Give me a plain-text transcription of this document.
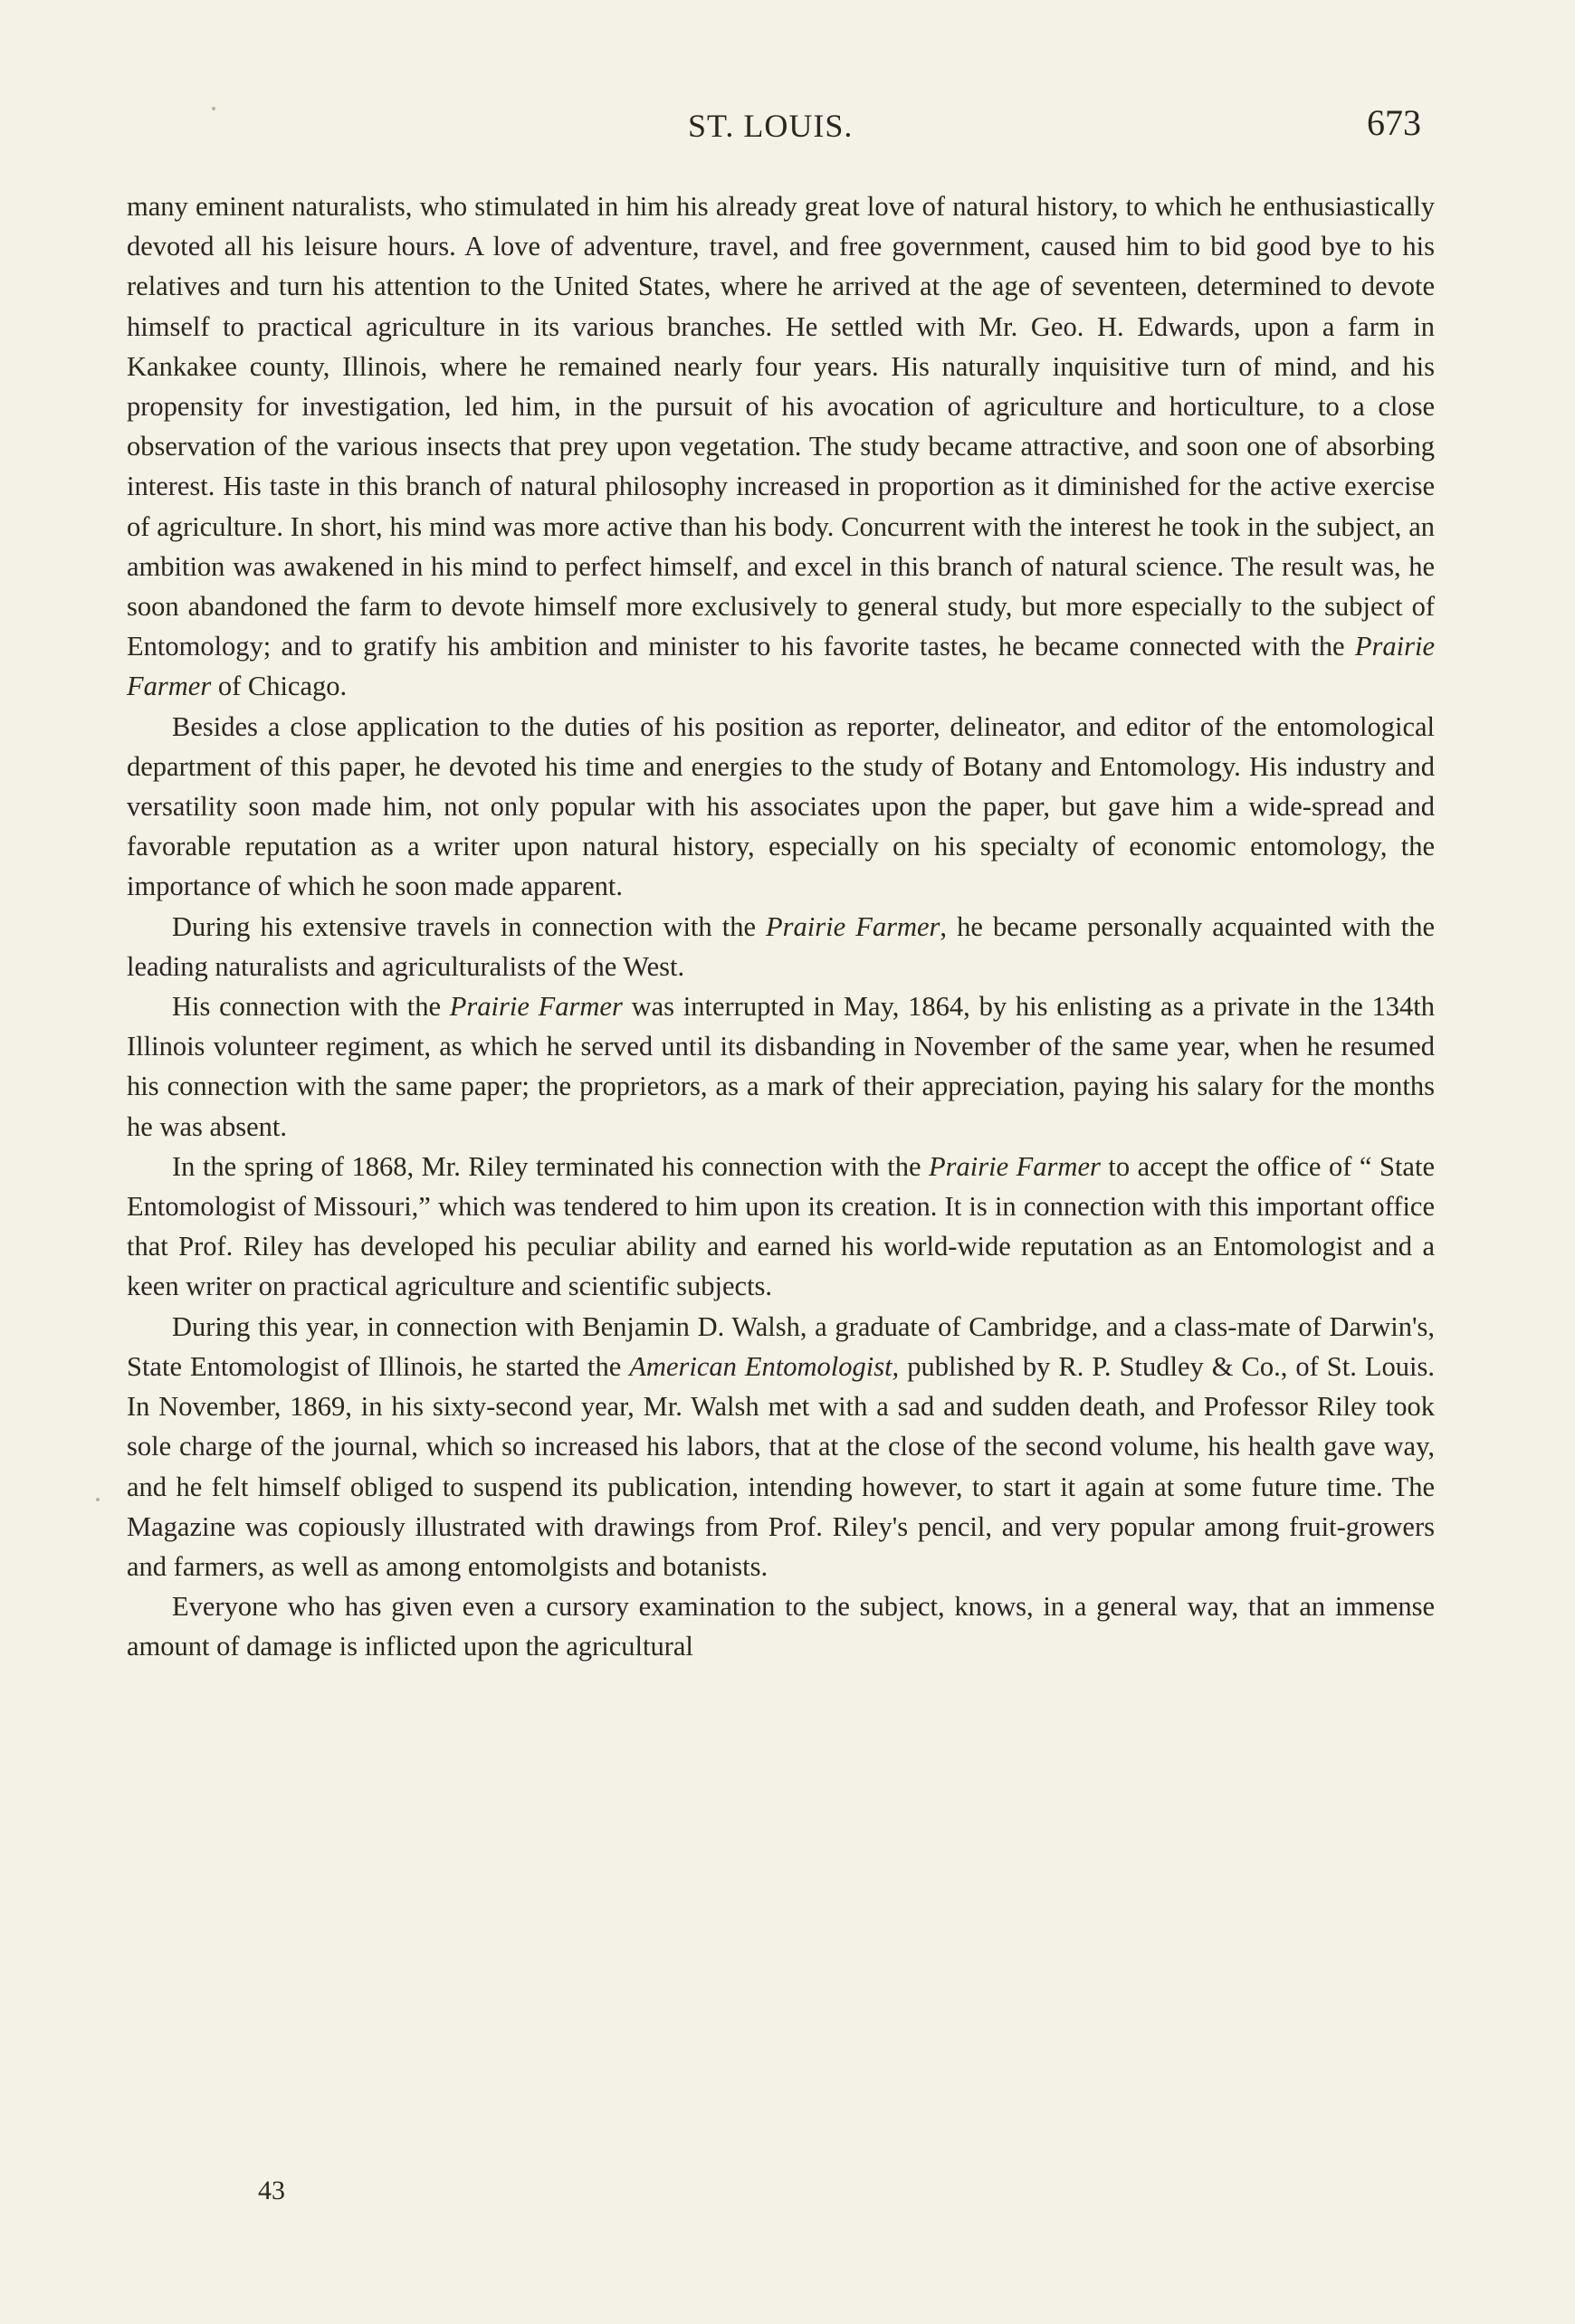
ST. LOUIS.	673

many eminent naturalists, who stimulated in him his already great love of natural history, to which he enthusiastically devoted all his leisure hours. A love of adventure, travel, and free government, caused him to bid good bye to his relatives and turn his attention to the United States, where he arrived at the age of seventeen, determined to devote himself to practical agriculture in its various branches. He settled with Mr. Geo. H. Edwards, upon a farm in Kankakee county, Illinois, where he remained nearly four years. His naturally inquisitive turn of mind, and his propensity for investigation, led him, in the pursuit of his avocation of agriculture and horticulture, to a close observation of the various insects that prey upon vegetation. The study became attractive, and soon one of absorbing interest. His taste in this branch of natural philosophy increased in proportion as it diminished for the active exercise of agriculture. In short, his mind was more active than his body. Concurrent with the interest he took in the subject, an ambition was awakened in his mind to perfect himself, and excel in this branch of natural science. The result was, he soon abandoned the farm to devote himself more exclusively to general study, but more especially to the subject of Entomology; and to gratify his ambition and minister to his favorite tastes, he became connected with the Prairie Farmer of Chicago.

Besides a close application to the duties of his position as reporter, delineator, and editor of the entomological department of this paper, he devoted his time and energies to the study of Botany and Entomology. His industry and versatility soon made him, not only popular with his associates upon the paper, but gave him a wide-spread and favorable reputation as a writer upon natural history, especially on his specialty of economic entomology, the importance of which he soon made apparent.

During his extensive travels in connection with the Prairie Farmer, he became personally acquainted with the leading naturalists and agriculturalists of the West.

His connection with the Prairie Farmer was interrupted in May, 1864, by his enlisting as a private in the 134th Illinois volunteer regiment, as which he served until its disbanding in November of the same year, when he resumed his connection with the same paper; the proprietors, as a mark of their appreciation, paying his salary for the months he was absent.

In the spring of 1868, Mr. Riley terminated his connection with the Prairie Farmer to accept the office of “ State Entomologist of Missouri,” which was tendered to him upon its creation. It is in connection with this important office that Prof. Riley has developed his peculiar ability and earned his world-wide reputation as an Entomologist and a keen writer on practical agriculture and scientific subjects.

During this year, in connection with Benjamin D. Walsh, a graduate of Cambridge, and a class-mate of Darwin's, State Entomologist of Illinois, he started the American Entomologist, published by R. P. Studley & Co., of St. Louis. In November, 1869, in his sixty-second year, Mr. Walsh met with a sad and sudden death, and Professor Riley took sole charge of the journal, which so increased his labors, that at the close of the second volume, his health gave way, and he felt himself obliged to suspend its publication, intending however, to start it again at some future time. The Magazine was copiously illustrated with drawings from Prof. Riley's pencil, and very popular among fruit-growers and farmers, as well as among entomolgists and botanists.

Everyone who has given even a cursory examination to the subject, knows, in a general way, that an immense amount of damage is inflicted upon the agricultural

43
